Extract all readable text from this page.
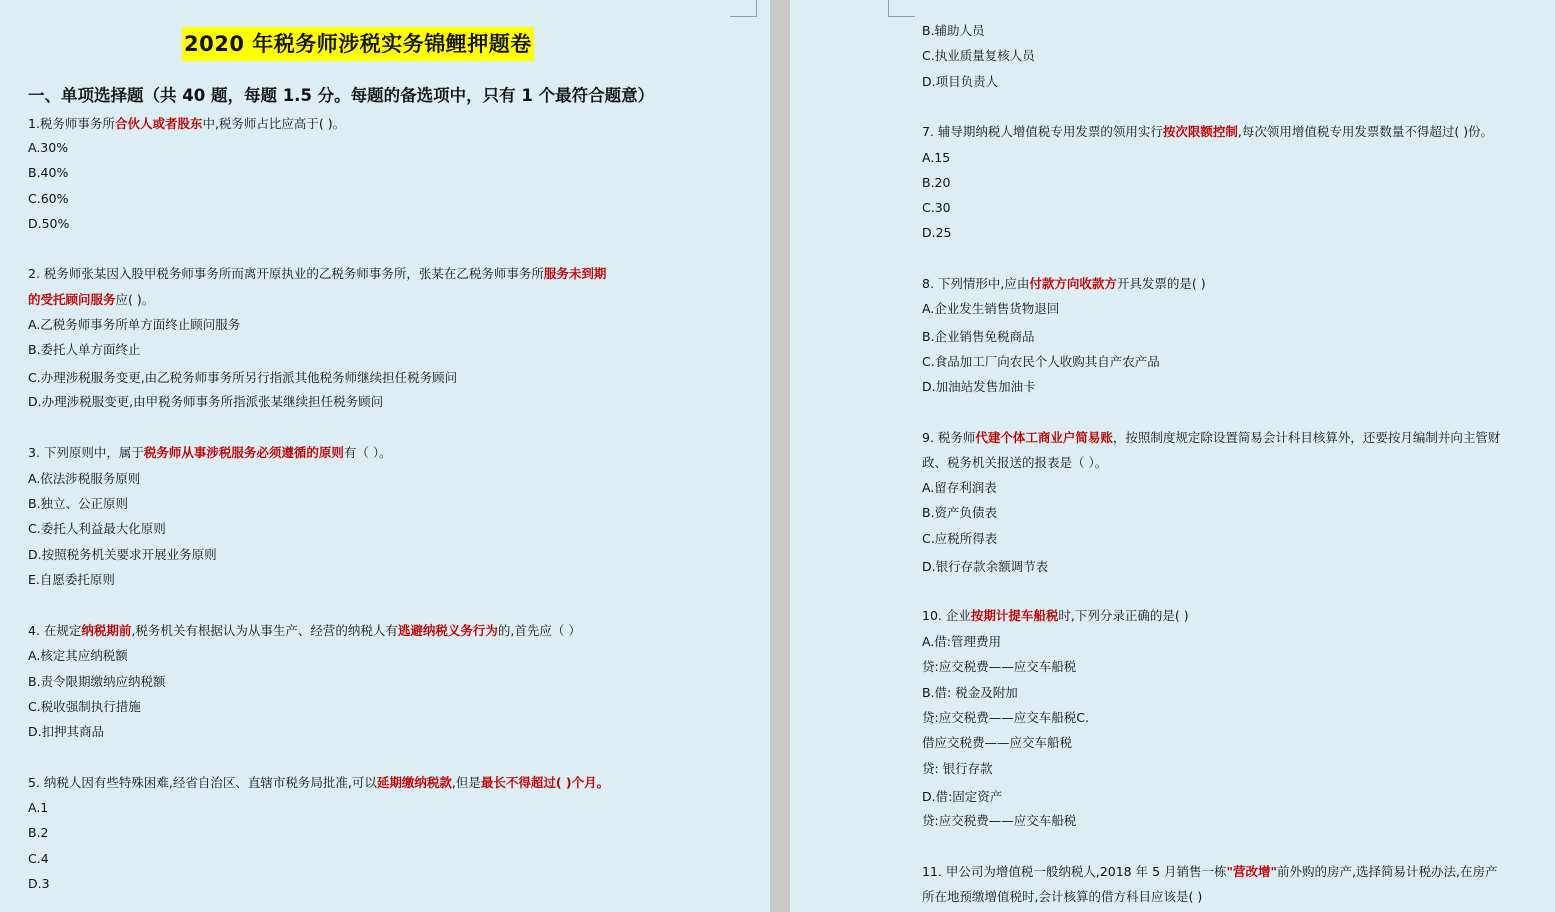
2020 年税务师涉税实务锦鲤押题卷
一、单项选择题（共 40 题，每题 1.5 分。每题的备选项中，只有 1 个最符合题意）
1.税务师事务所合伙人或者股东中,税务师占比应高于( )。
A.30%
B.40%
C.60%
D.50%
2. 税务师张某因入股甲税务师事务所而离开原执业的乙税务师事务所，张某在乙税务师事务所服务未到期
的受托顾问服务应( )。
A.乙税务师事务所单方面终止顾问服务
B.委托人单方面终止
C.办理涉税服务变更,由乙税务师事务所另行指派其他税务师继续担任税务顾问
D.办理涉税服变更,由甲税务师事务所指派张某继续担任税务顾问
3. 下列原则中，属于税务师从事涉税服务必须遵循的原则有（ ）。
A.依法涉税服务原则
B.独立、公正原则
C.委托人利益最大化原则
D.按照税务机关要求开展业务原则
E.自愿委托原则
4. 在规定纳税期前,税务机关有根据认为从事生产、经营的纳税人有逃避纳税义务行为的,首先应（ ）
A.核定其应纳税额
B.责令限期缴纳应纳税额
C.税收强制执行措施
D.扣押其商品
5. 纳税人因有些特殊困难,经省自治区、直辖市税务局批准,可以延期缴纳税款,但是最长不得超过( )个月。
A.1
B.2
C.4
D.3
B.辅助人员
C.执业质量复核人员
D.项目负责人
7. 辅导期纳税人增值税专用发票的领用实行按次限额控制,每次领用增值税专用发票数量不得超过( )份。
A.15
B.20
C.30
D.25
8. 下列情形中,应由付款方向收款方开具发票的是( )
A.企业发生销售货物退回
B.企业销售免税商品
C.食品加工厂向农民个人收购其自产农产品
D.加油站发售加油卡
9. 税务师代建个体工商业户简易账，按照制度规定除设置简易会计科目核算外，还要按月编制并向主管财
政、税务机关报送的报表是（ ）。
A.留存利润表
B.资产负债表
C.应税所得表
D.银行存款余额调节表
10. 企业按期计提车船税时,下列分录正确的是( )
A.借:管理费用
贷:应交税费——应交车船税
B.借: 税金及附加
贷:应交税费——应交车船税C.
借应交税费——应交车船税
贷: 银行存款
D.借:固定资产
贷:应交税费——应交车船税
11. 甲公司为增值税一般纳税人,2018 年 5 月销售一栋"营改增"前外购的房产,选择简易计税办法,在房产
所在地预缴增值税时,会计核算的借方科目应该是( )
